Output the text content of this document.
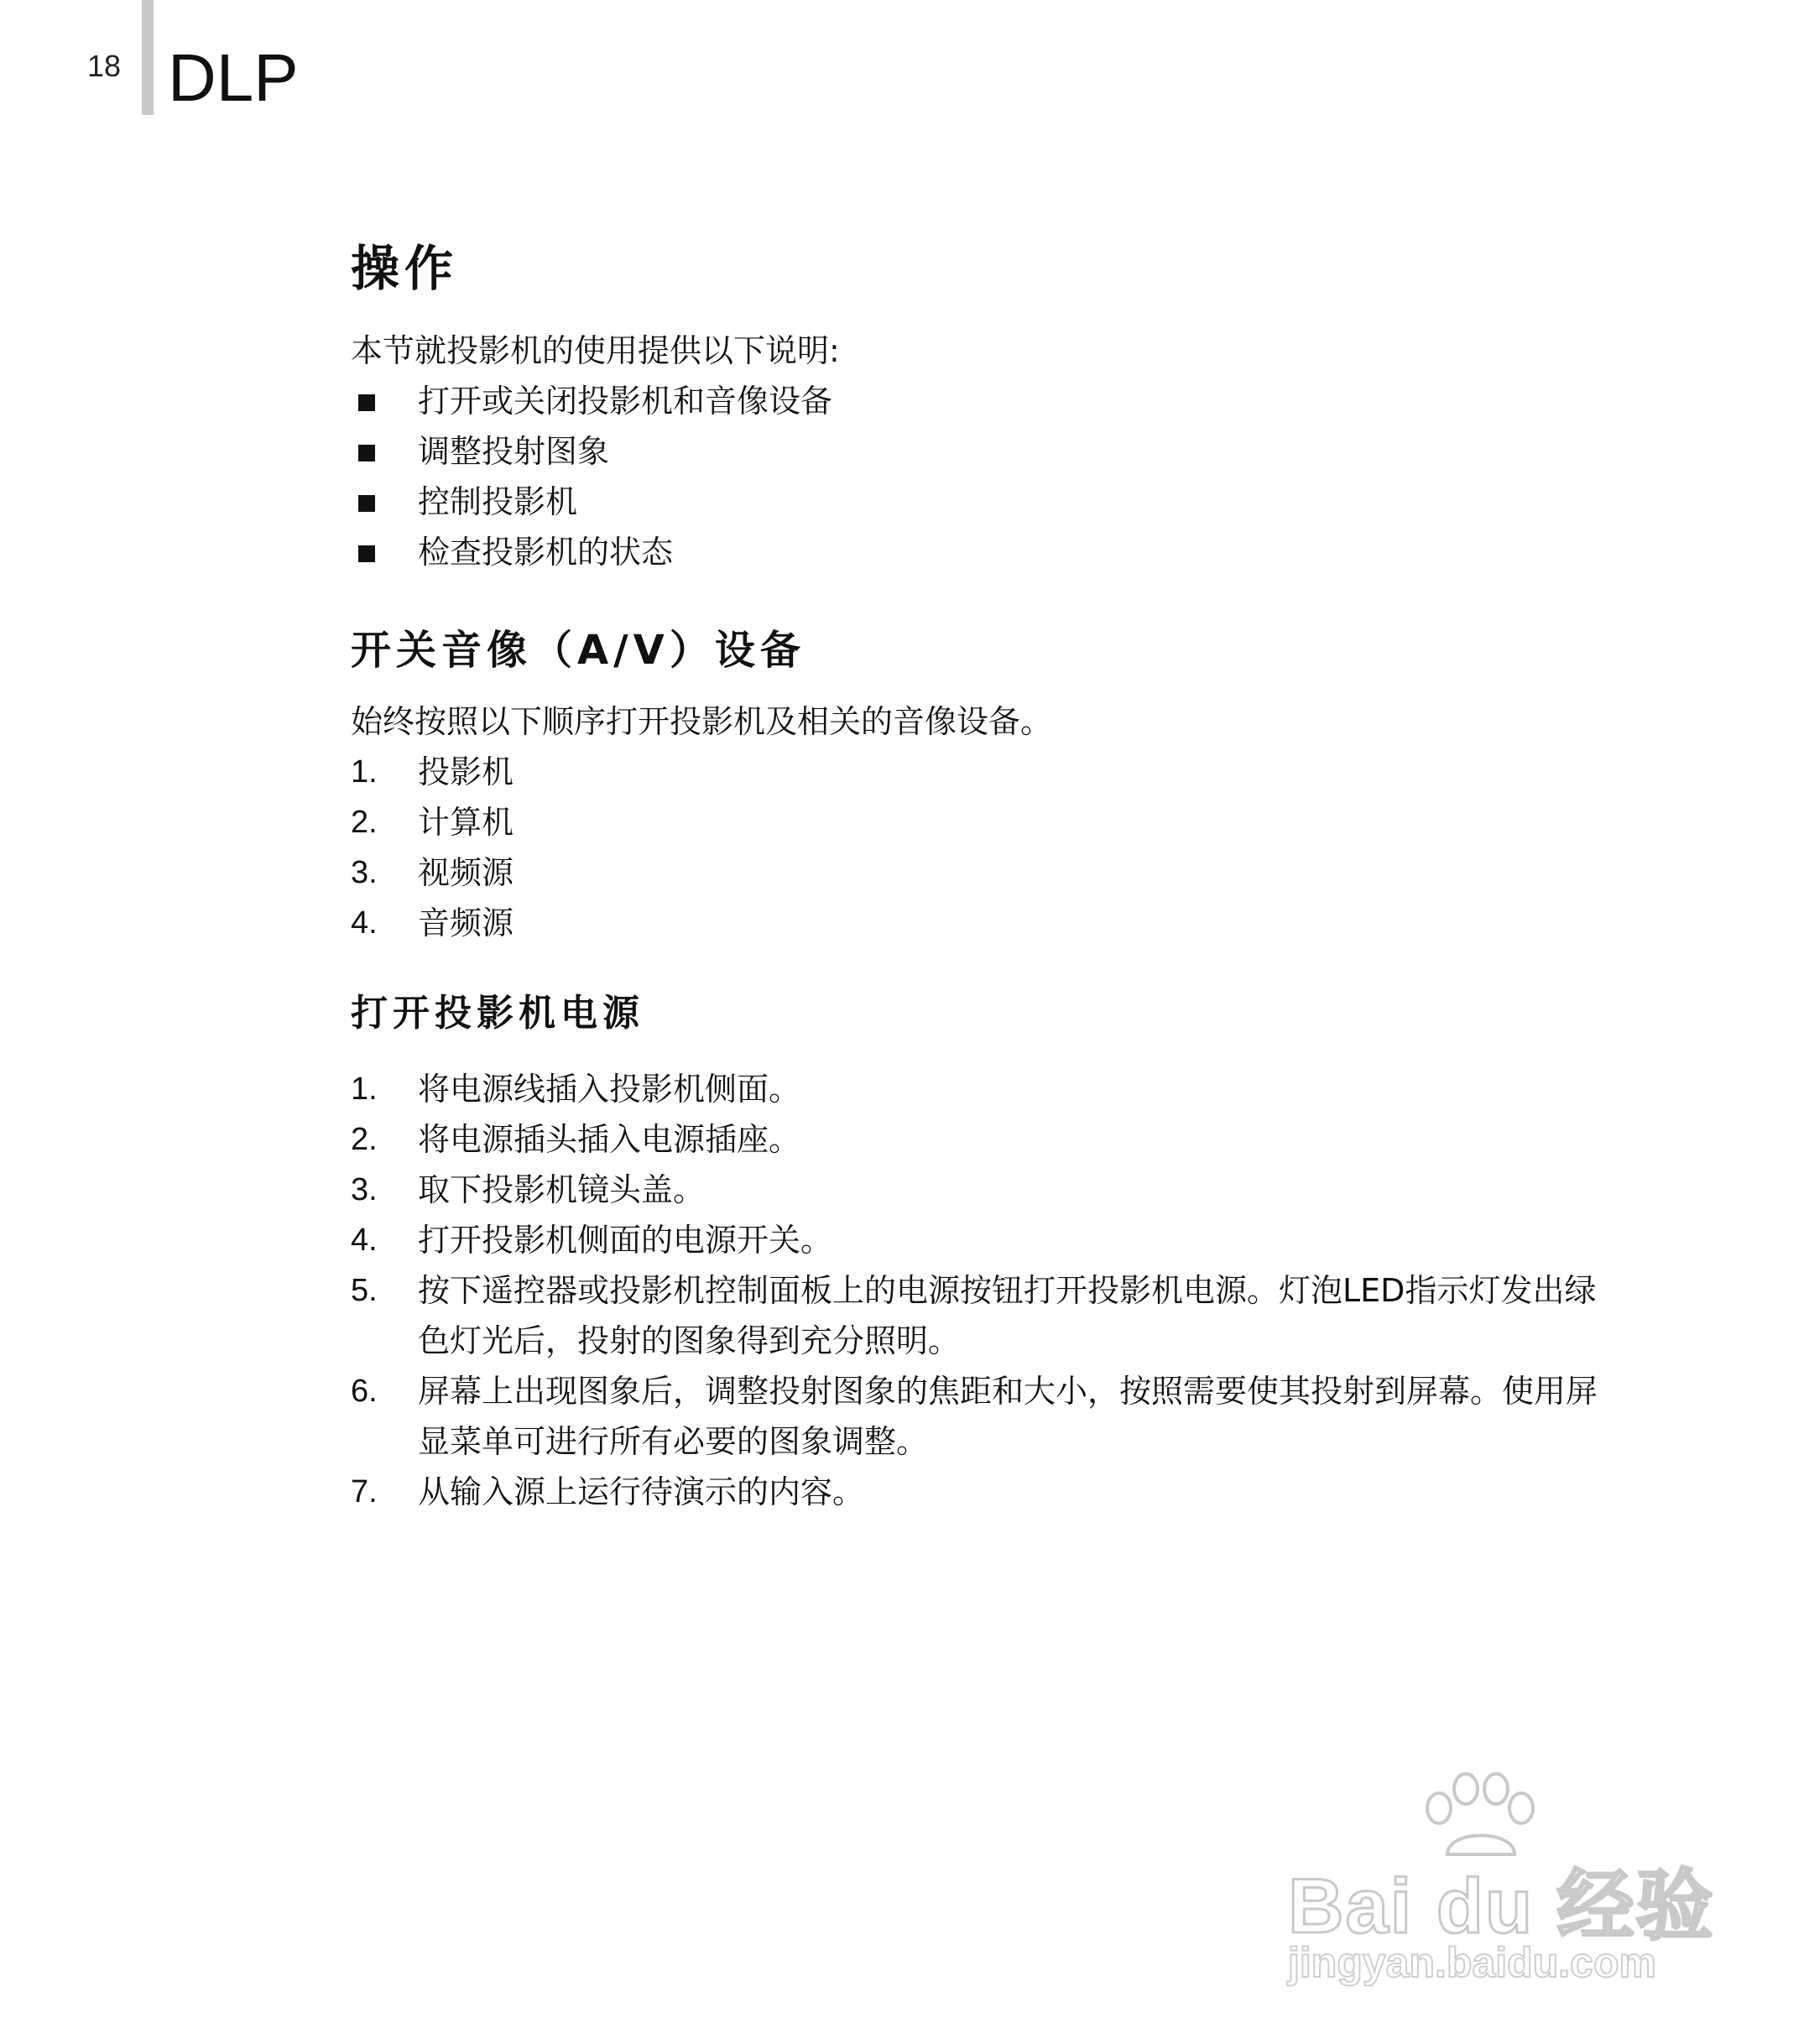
18 DLP
操作

本节就投影机的使用提供以下说明:

打开或关闭投影机和音像设备
调整投射图象
控制投影机
检查投影机的状态
开关音像（A/V）设备

始终按照以下顺序打开投影机及相关的音像设备。

1. 投影机
2. 计算机
3. 视频源
4. 音频源
打开投影机电源
1. 将电源线插入投影机侧面。
2. 将电源插头插入电源插座。
3. 取下投影机镜头盖。
4. 打开投影机侧面的电源开关。
5. 按下遥控器或投影机控制面板上的电源按钮打开投影机电源。灯泡LED指示灯发出绿色灯光后，投射的图象得到充分照明。
6. 屏幕上出现图象后，调整投射图象的焦距和大小，按照需要使其投射到屏幕。使用屏显菜单可进行所有必要的图象调整。
7. 从输入源上运行待演示的内容。
Bai du 经验
jingyan.baidu.com
